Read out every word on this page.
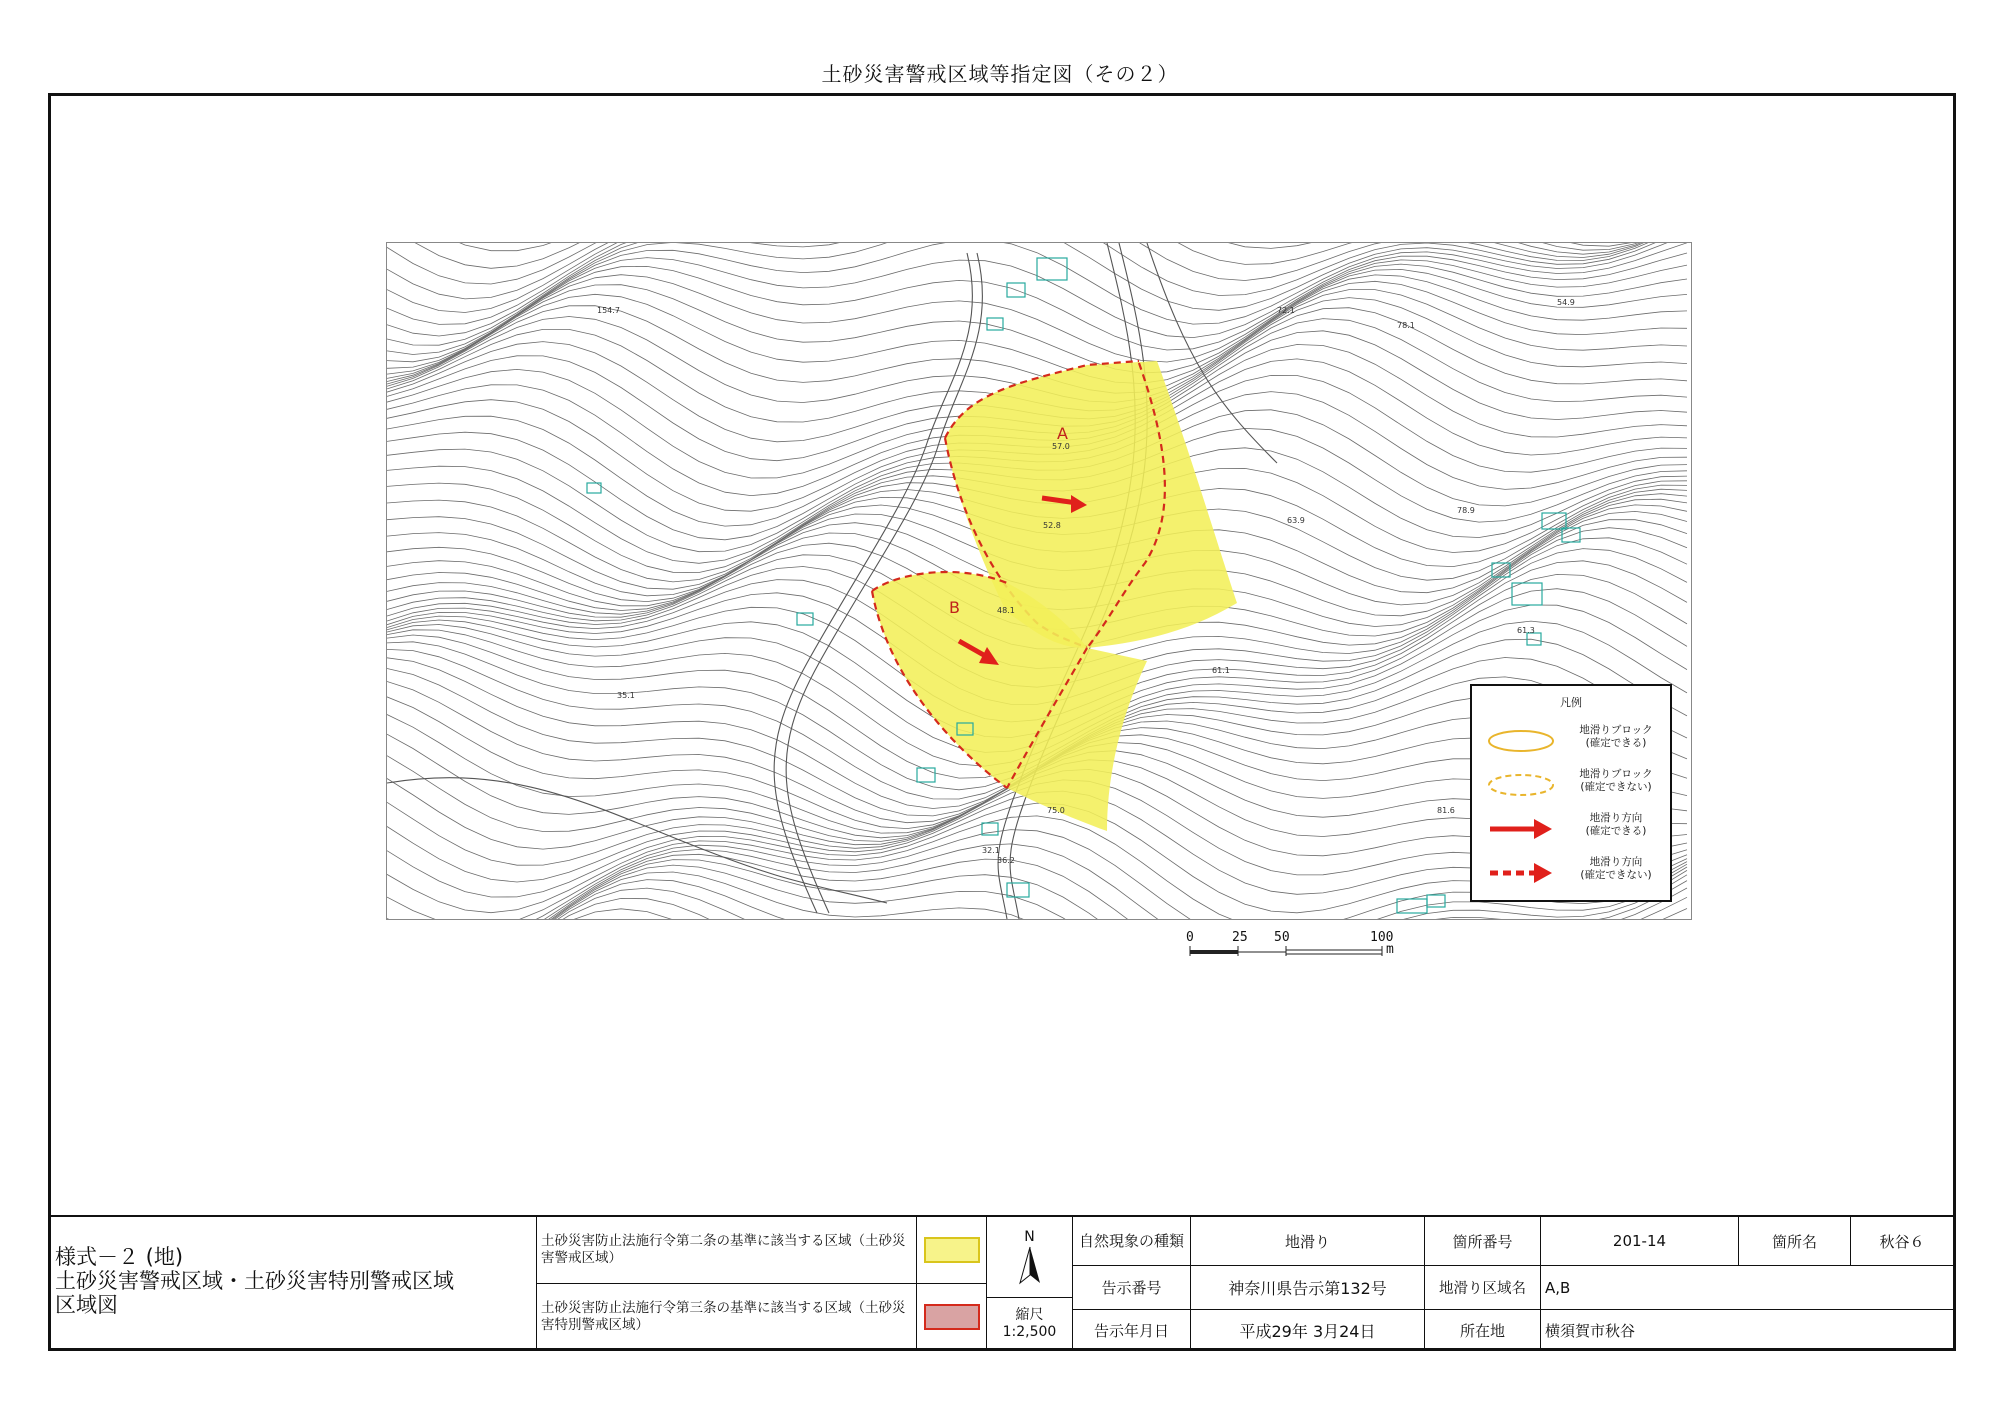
土砂災害警戒区域等指定図（その２）
A
B
57.0
52.8
48.1
75.0
61.1
63.9
78.9
81.6
61.3
36.2
32.1
54.9
78.1
72.1
154.7
35.1
凡例
地滑りブロック
(確定できる)
地滑りブロック
(確定できない)
地滑り方向
(確定できる)
地滑り方向
(確定できない)
0	25 50	100
m
様式－２ (地)
土砂災害警戒区域・土砂災害特別警戒区域
区域図
土砂災害防止法施行令第二条の基準に該当する区域（土砂災害警戒区域）
土砂災害防止法施行令第三条の基準に該当する区域（土砂災害特別警戒区域）
N
縮尺
1:2,500
自然現象の種類	地滑り	箇所番号	201-14	箇所名	秋谷６
告示番号	神奈川県告示第132号	地滑り区域名	A,B
告示年月日	平成29年 3月24日	所在地	横須賀市秋谷
